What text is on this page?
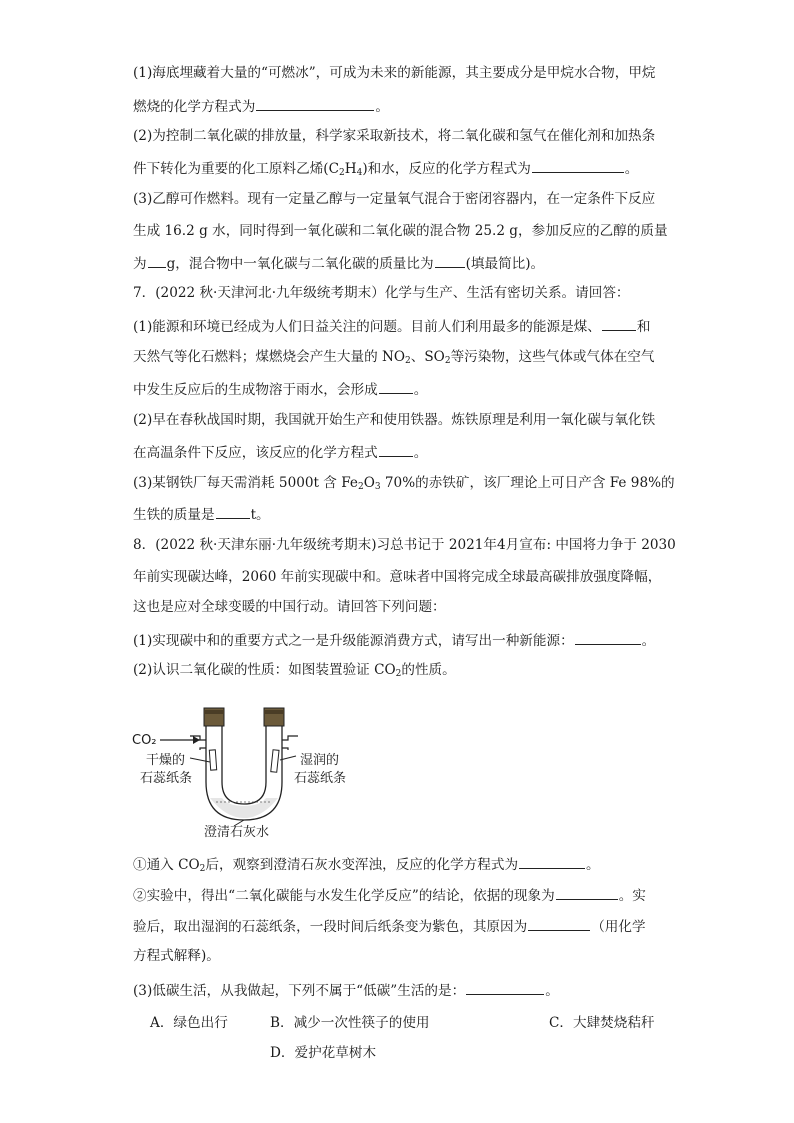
(1)海底埋藏着大量的“可燃冰”，可成为未来的新能源，其主要成分是甲烷水合物，甲烷
燃烧的化学方程式为	。
(2)为控制二氧化碳的排放量，科学家采取新技术，将二氧化碳和氢气在催化剂和加热条
件下转化为重要的化工原料乙烯$(C_2H_4)$和水，反应的化学方程式为	。
(3)乙醇可作燃料。现有一定量乙醇与一定量氧气混合于密闭容器内，在一定条件下反应
生成 16.2 g 水，同时得到一氧化碳和二氧化碳的混合物 25.2 g，参加反应的乙醇的质量
为 g，混合物中一氧化碳与二氧化碳的质量比为 (填最简比)。
7．(2022 秋·天津河北·九年级统考期末）化学与生产、生活有密切关系。请回答：
(1)能源和环境已经成为人们日益关注的问题。目前人们利用最多的能源是煤、	和
天然气等化石燃料；煤燃烧会产生大量的 $NO_2$、$SO_2$等污染物，这些气体或气体在空气
中发生反应后的生成物溶于雨水，会形成	。
(2)早在春秋战国时期，我国就开始生产和使用铁器。炼铁原理是利用一氧化碳与氧化铁
在高温条件下反应，该反应的化学方程式	。
(3)某钢铁厂每天需消耗 5000t 含 $Fe_2O_3$ 70%的赤铁矿，该厂理论上可日产含 Fe 98%的
生铁的质量是	t。
8．(2022 秋·天津东丽·九年级统考期末)习总书记于 2021年4月宣布: 中国将力争于 2030
年前实现碳达峰，2060 年前实现碳中和。意味者中国将完成全球最高碳排放强度降幅，
这也是应对全球变暖的中国行动。请回答下列问题：
(1)实现碳中和的重要方式之一是升级能源消费方式，请写出一种新能源：	。
(2)认识二氧化碳的性质：如图装置验证 $CO_2$的性质。
①通入 $CO_2$后，观察到澄清石灰水变浑浊，反应的化学方程式为	。
②实验中，得出“二氧化碳能与水发生化学反应”的结论，依据的现象为	。实
验后，取出湿润的石蕊纸条，一段时间后纸条变为紫色，其原因为	（用化学
方程式解释)。
(3)低碳生活，从我做起，下列不属于“低碳”生活的是：	。
A．绿色出行	B．减少一次性筷子的使用	C．大肆焚烧秸秆
D．爱护花草树木
CO₂
干燥的
石蕊纸条
湿润的
石蕊纸条
澄清石灰水
